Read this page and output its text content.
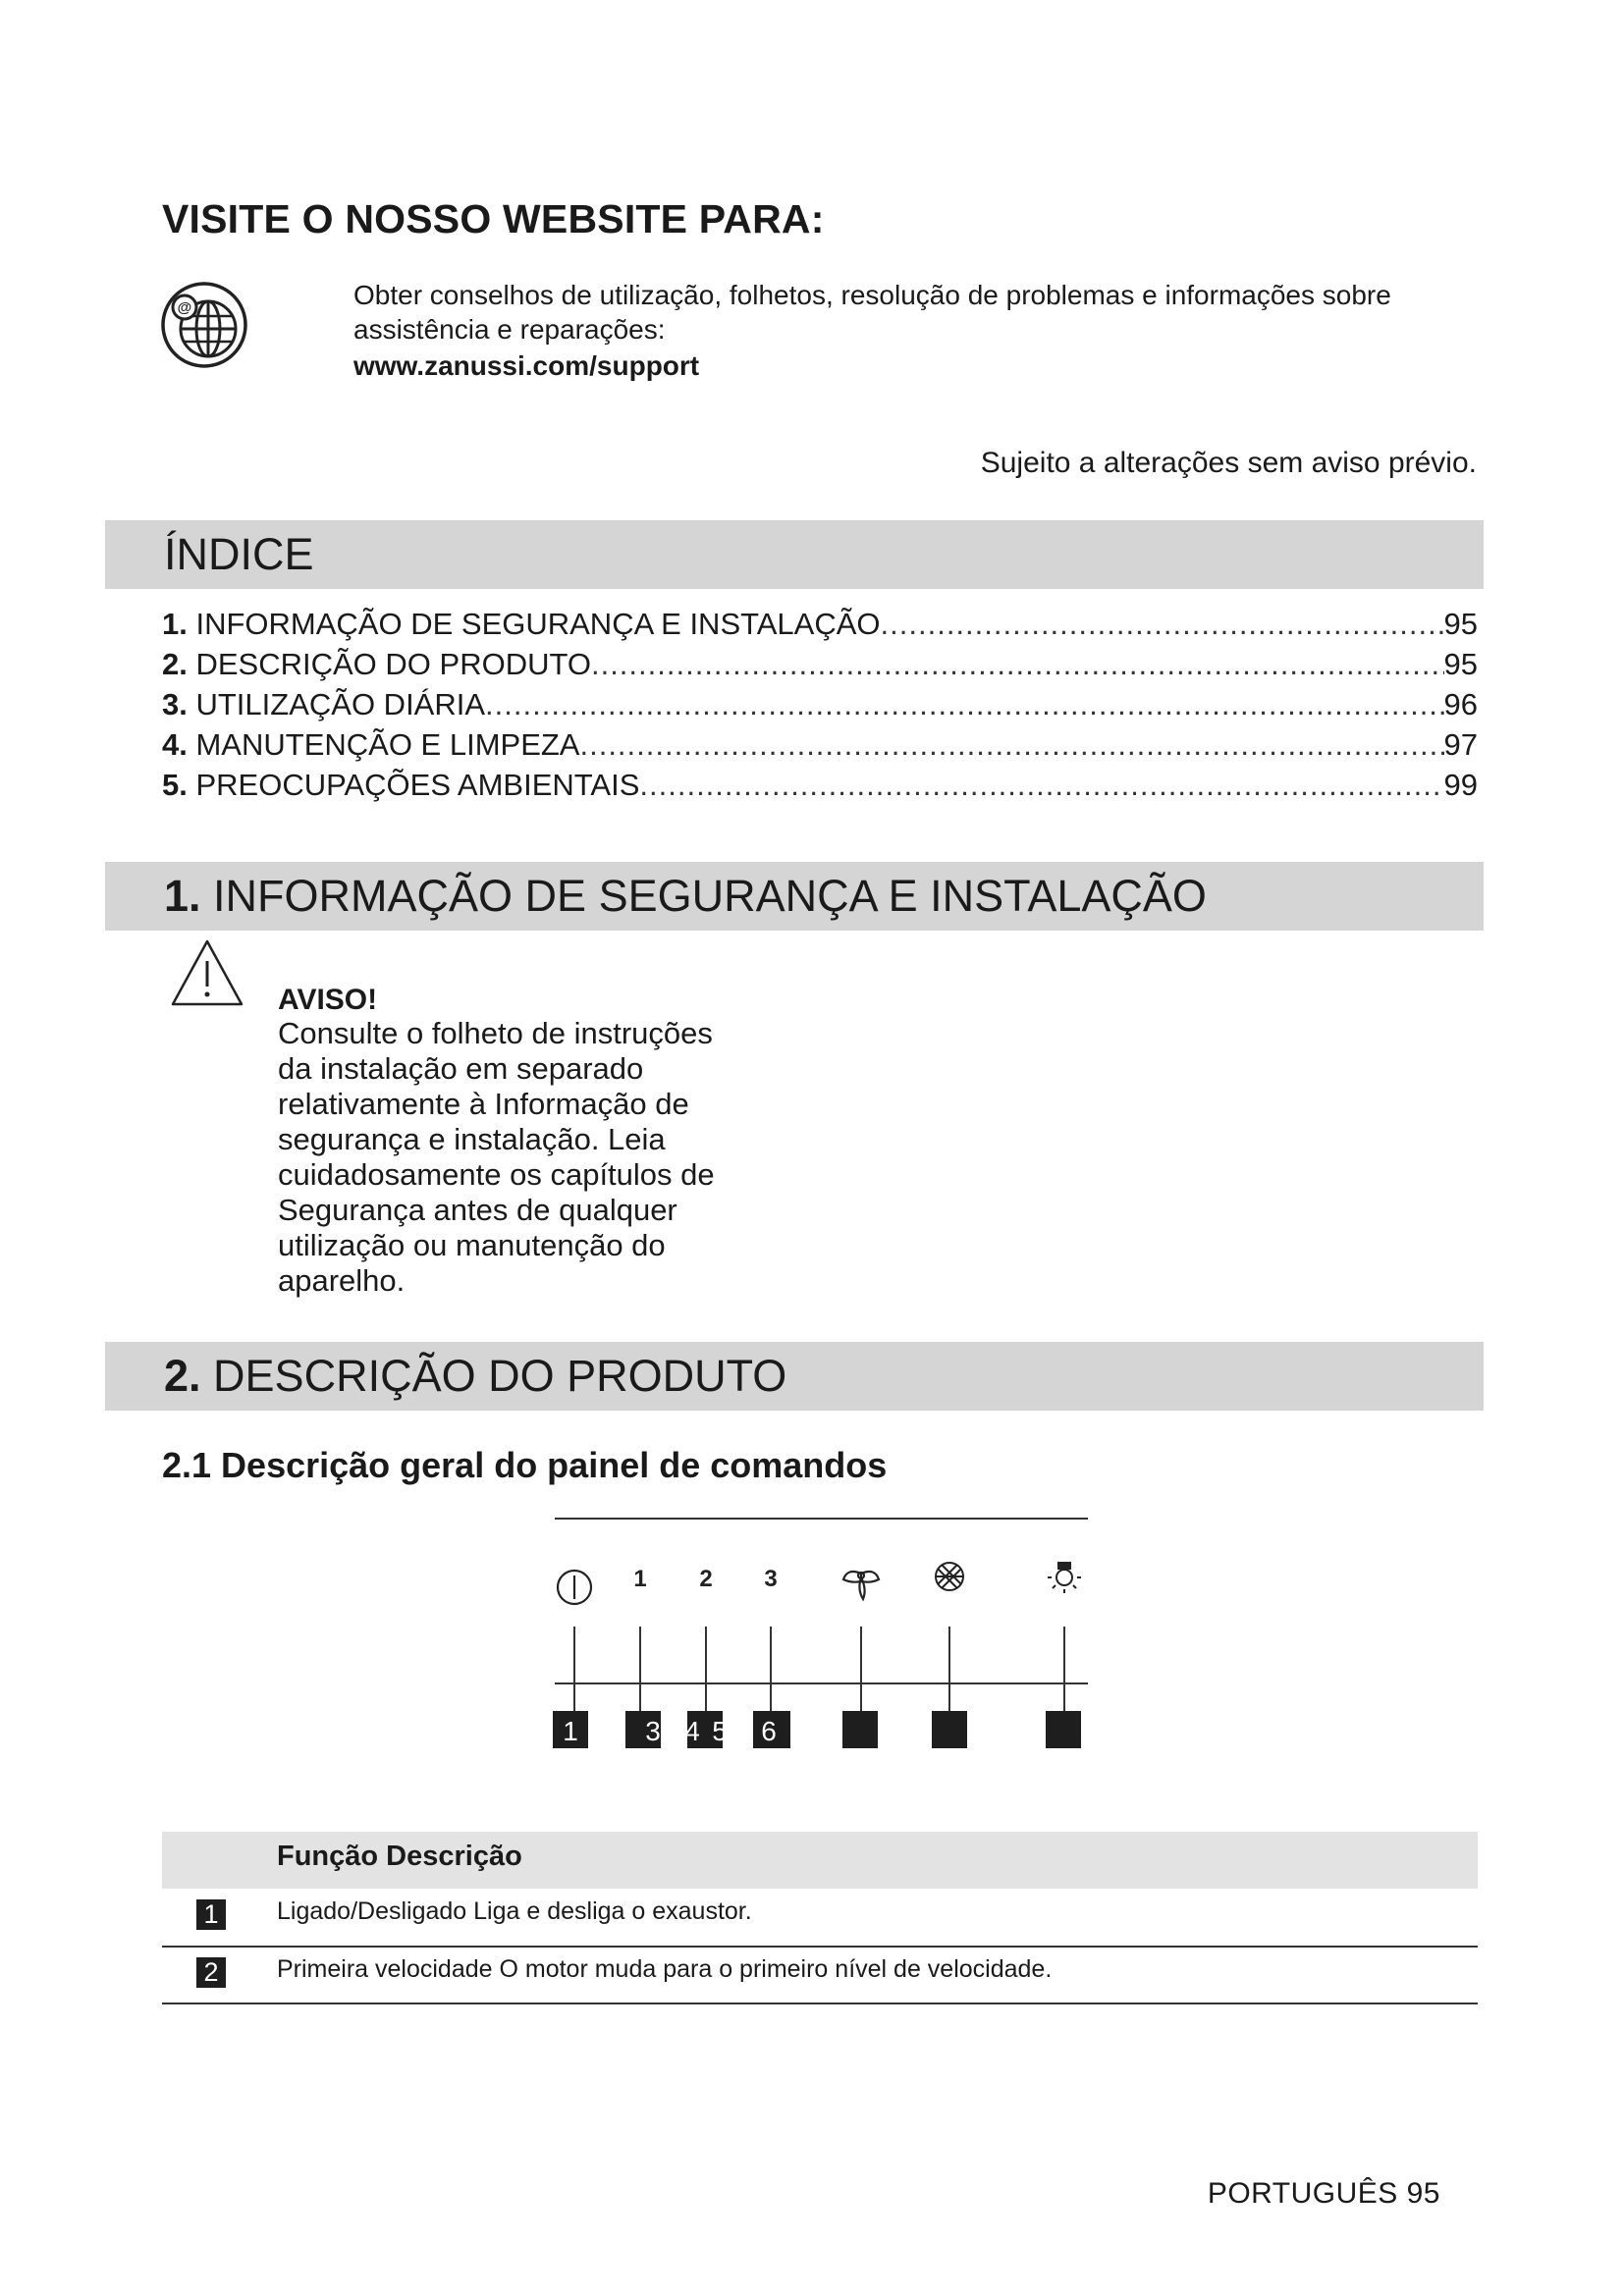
VISITE O NOSSO WEBSITE PARA:
@	Obter conselhos de utilização, folhetos, resolução de problemas e informações sobre assistência e reparações:
www.zanussi.com/support
Sujeito a alterações sem aviso prévio.
ÍNDICE
1.
INFORMAÇÃO DE SEGURANÇA E INSTALAÇÃO .....	95
2.
DESCRIÇÃO DO PRODUTO .....	95
3.
UTILIZAÇÃO DIÁRIA .....	96
4.
MANUTENÇÃO E LIMPEZA .....	97
5.
PREOCUPAÇÕES AMBIENTAIS .....	99
1. INFORMAÇÃO DE SEGURANÇA E INSTALAÇÃO
AVISO!
Consulte o folheto de instruções da instalação em separado relativamente à Informação de segurança e instalação. Leia cuidadosamente os capítulos de Segurança antes de qualquer utilização ou manutenção do aparelho.
2. DESCRIÇÃO DO PRODUTO
2.1 Descrição geral do painel de comandos
1 2 3
1 3 4 5 6
Função Descrição
1 Ligado/Desligado Liga e desliga o exaustor.
2 Primeira velocidade O motor muda para o primeiro nível de velocidade.
PORTUGUÊS 95
